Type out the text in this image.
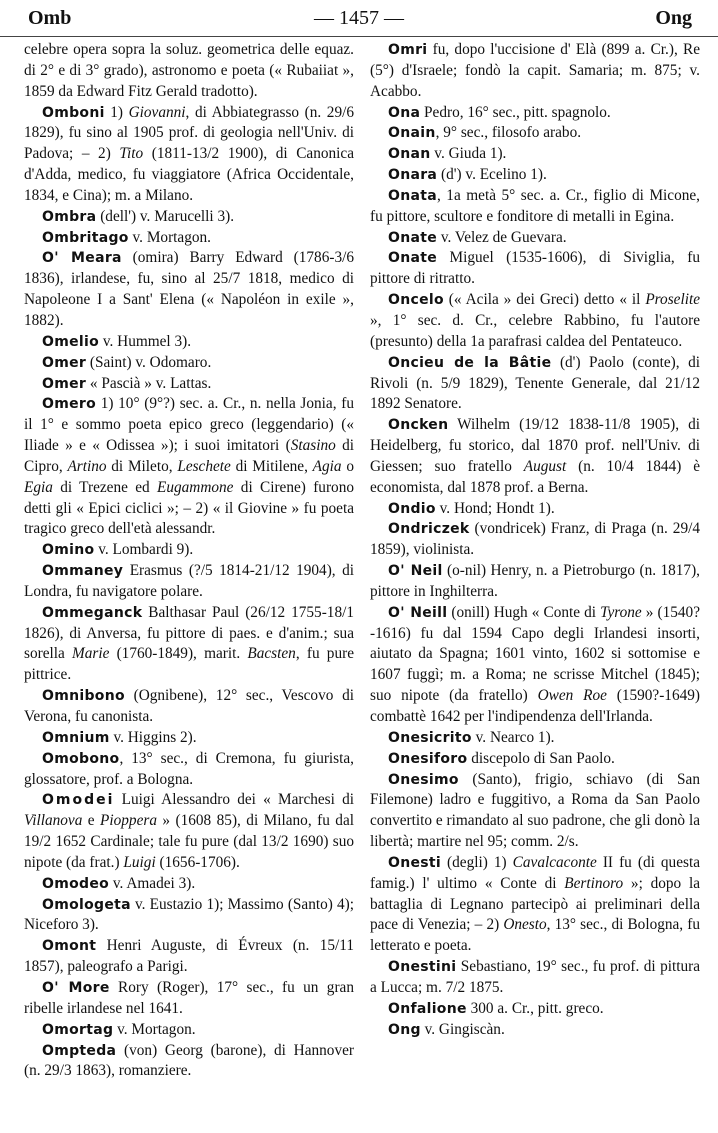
Omb	— 1457 —	Ong

celebre opera sopra la soluz. geometrica delle equaz. di 2° e di 3° grado), astronomo e poeta (« Rubaiiat », 1859 da Edward Fitz Gerald tradotto).

Omboni 1) Giovanni, di Abbiategrasso (n. 29/6 1829), fu sino al 1905 prof. di geologia nell'Univ. di Padova; – 2) Tito (1811-13/2 1900), di Canonica d'Adda, medico, fu viaggiatore (Africa Occidentale, 1834, e Cina); m. a Milano.

Ombra (dell') v. Marucelli 3).

Ombritago v. Mortagon.

O' Meara (omira) Barry Edward (1786-3/6 1836), irlandese, fu, sino al 25/7 1818, medico di Napoleone I a Sant' Elena (« Napoléon in exile », 1882).

Omelio v. Hummel 3).

Omer (Saint) v. Odomaro.

Omer « Pascià » v. Lattas.

Omero 1) 10° (9°?) sec. a. Cr., n. nella Jonia, fu il 1° e sommo poeta epico greco (leggendario) (« Iliade » e « Odissea »); i suoi imitatori (Stasino di Cipro, Artino di Mileto, Leschete di Mitilene, Agia o Egia di Trezene ed Eugammone di Cirene) furono detti gli « Epici ciclici »; – 2) « il Giovine » fu poeta tragico greco dell'età alessandr.

Omino v. Lombardi 9).

Ommaney Erasmus (?/5 1814-21/12 1904), di Londra, fu navigatore polare.

Ommeganck Balthasar Paul (26/12 1755-18/1 1826), di Anversa, fu pittore di paes. e d'anim.; sua sorella Marie (1760-1849), marit. Bacsten, fu pure pittrice.

Omnibono (Ognibene), 12° sec., Vescovo di Verona, fu canonista.

Omnium v. Higgins 2).

Omobono, 13° sec., di Cremona, fu giurista, glossatore, prof. a Bologna.

Omodei Luigi Alessandro dei « Marchesi di Villanova e Pioppera » (1608 85), di Milano, fu dal 19/2 1652 Cardinale; tale fu pure (dal 13/2 1690) suo nipote (da frat.) Luigi (1656-1706).

Omodeo v. Amadei 3).

Omologeta v. Eustazio 1); Massimo (Santo) 4); Niceforo 3).

Omont Henri Auguste, di Évreux (n. 15/11 1857), paleografo a Parigi.

O' More Rory (Roger), 17° sec., fu un gran ribelle irlandese nel 1641.

Omortag v. Mortagon.

Ompteda (von) Georg (barone), di Hannover (n. 29/3 1863), romanziere.

Omri fu, dopo l'uccisione d' Elà (899 a. Cr.), Re (5°) d'Israele; fondò la capit. Samaria; m. 875; v. Acabbo.

Ona Pedro, 16° sec., pitt. spagnolo.

Onain, 9° sec., filosofo arabo.

Onan v. Giuda 1).

Onara (d') v. Ecelino 1).

Onata, 1a metà 5° sec. a. Cr., figlio di Micone, fu pittore, scultore e fonditore di metalli in Egina.

Onate v. Velez de Guevara.

Onate Miguel (1535-1606), di Siviglia, fu pittore di ritratto.

Oncelo (« Acila » dei Greci) detto « il Proselite », 1° sec. d. Cr., celebre Rabbino, fu l'autore (presunto) della 1a parafrasi caldea del Pentateuco.

Oncieu de la Bâtie (d') Paolo (conte), di Rivoli (n. 5/9 1829), Tenente Generale, dal 21/12 1892 Senatore.

Oncken Wilhelm (19/12 1838-11/8 1905), di Heidelberg, fu storico, dal 1870 prof. nell'Univ. di Giessen; suo fratello August (n. 10/4 1844) è economista, dal 1878 prof. a Berna.

Ondio v. Hond; Hondt 1).

Ondriczek (vondricek) Franz, di Praga (n. 29/4 1859), violinista.

O' Neil (o-nil) Henry, n. a Pietroburgo (n. 1817), pittore in Inghilterra.

O' Neill (onill) Hugh « Conte di Tyrone » (1540?-1616) fu dal 1594 Capo degli Irlandesi insorti, aiutato da Spagna; 1601 vinto, 1602 si sottomise e 1607 fuggì; m. a Roma; ne scrisse Mitchel (1845); suo nipote (da fratello) Owen Roe (1590?-1649) combattè 1642 per l'indipendenza dell'Irlanda.

Onesicrito v. Nearco 1).

Onesiforo discepolo di San Paolo.

Onesimo (Santo), frigio, schiavo (di San Filemone) ladro e fuggitivo, a Roma da San Paolo convertito e rimandato al suo padrone, che gli donò la libertà; martire nel 95; comm. 2/s.

Onesti (degli) 1) Cavalcaconte II fu (di questa famig.) l' ultimo « Conte di Bertinoro »; dopo la battaglia di Legnano partecipò ai preliminari della pace di Venezia; – 2) Onesto, 13° sec., di Bologna, fu letterato e poeta.

Onestini Sebastiano, 19° sec., fu prof. di pittura a Lucca; m. 7/2 1875.

Onfalione 300 a. Cr., pitt. greco.

Ong v. Gingiscàn.
